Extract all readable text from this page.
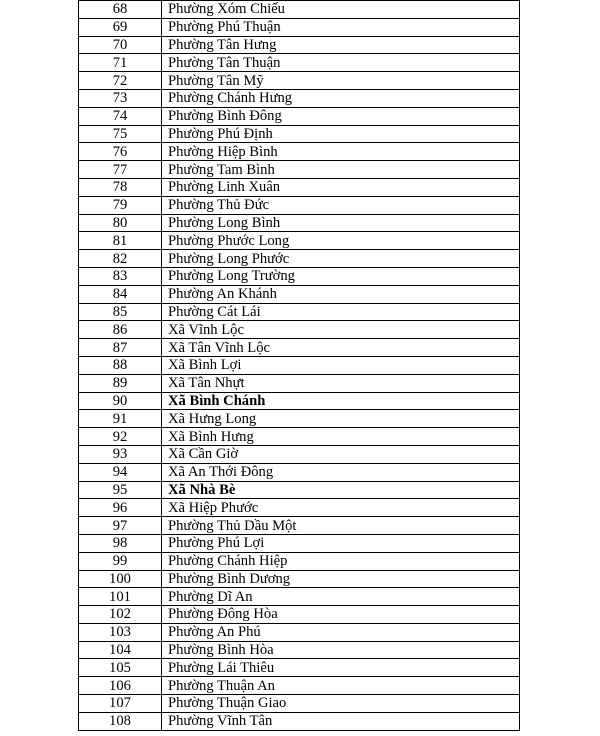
68	Phường Xóm Chiếu
69	Phường Phú Thuận
70	Phường Tân Hưng
71	Phường Tân Thuận
72	Phường Tân Mỹ
73	Phường Chánh Hưng
74	Phường Bình Đông
75	Phường Phú Định
76	Phường Hiệp Bình
77	Phường Tam Bình
78	Phường Linh Xuân
79	Phường Thủ Đức
80	Phường Long Bình
81	Phường Phước Long
82	Phường Long Phước
83	Phường Long Trường
84	Phường An Khánh
85	Phường Cát Lái
86	Xã Vĩnh Lộc
87	Xã Tân Vĩnh Lộc
88	Xã Bình Lợi
89	Xã Tân Nhựt
90	Xã Bình Chánh
91	Xã Hưng Long
92	Xã Bình Hưng
93	Xã Cần Giờ
94	Xã An Thới Đông
95	Xã Nhà Bè
96	Xã Hiệp Phước
97	Phường Thủ Dầu Một
98	Phường Phú Lợi
99	Phường Chánh Hiệp
100	Phường Bình Dương
101	Phường Dĩ An
102	Phường Đông Hòa
103	Phường An Phú
104	Phường Bình Hòa
105	Phường Lái Thiêu
106	Phường Thuận An
107	Phường Thuận Giao
108	Phường Vĩnh Tân
